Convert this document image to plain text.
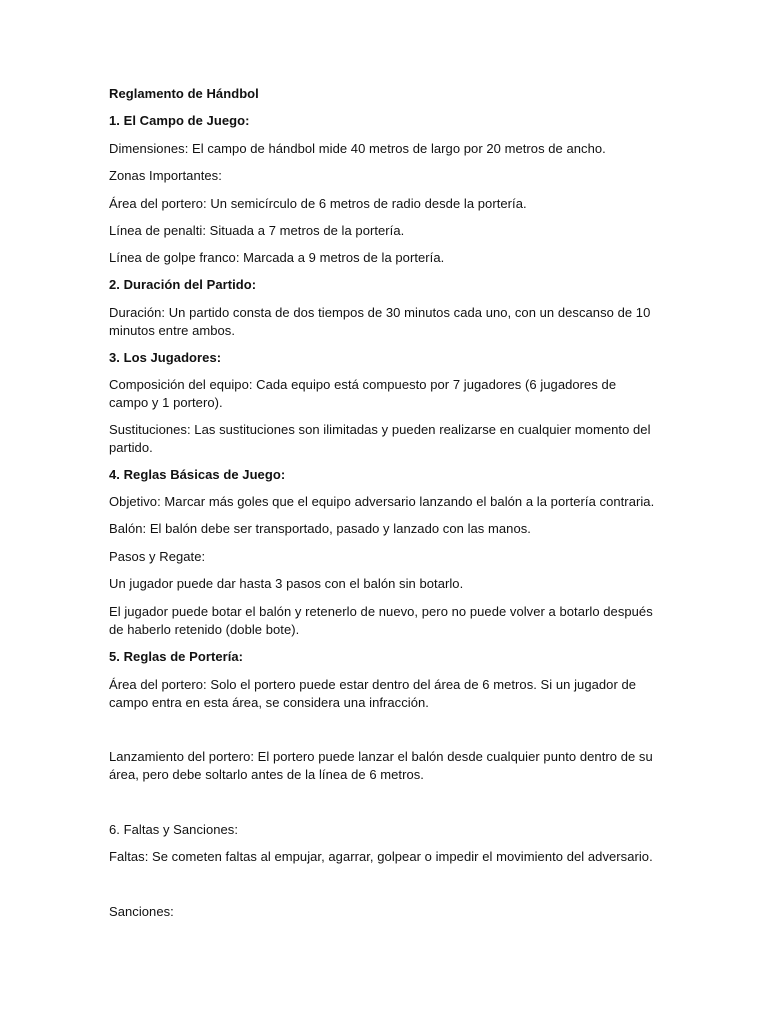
Reglamento de Hándbol
1. El Campo de Juego:
Dimensiones: El campo de hándbol mide 40 metros de largo por 20 metros de ancho.
Zonas Importantes:
Área del portero: Un semicírculo de 6 metros de radio desde la portería.
Línea de penalti: Situada a 7 metros de la portería.
Línea de golpe franco: Marcada a 9 metros de la portería.
2. Duración del Partido:
Duración: Un partido consta de dos tiempos de 30 minutos cada uno, con un descanso de 10 minutos entre ambos.
3. Los Jugadores:
Composición del equipo: Cada equipo está compuesto por 7 jugadores (6 jugadores de campo y 1 portero).
Sustituciones: Las sustituciones son ilimitadas y pueden realizarse en cualquier momento del partido.
4. Reglas Básicas de Juego:
Objetivo: Marcar más goles que el equipo adversario lanzando el balón a la portería contraria.
Balón: El balón debe ser transportado, pasado y lanzado con las manos.
Pasos y Regate:
Un jugador puede dar hasta 3 pasos con el balón sin botarlo.
El jugador puede botar el balón y retenerlo de nuevo, pero no puede volver a botarlo después de haberlo retenido (doble bote).
5. Reglas de Portería:
Área del portero: Solo el portero puede estar dentro del área de 6 metros. Si un jugador de campo entra en esta área, se considera una infracción.
Lanzamiento del portero: El portero puede lanzar el balón desde cualquier punto dentro de su área, pero debe soltarlo antes de la línea de 6 metros.
6. Faltas y Sanciones:
Faltas: Se cometen faltas al empujar, agarrar, golpear o impedir el movimiento del adversario.
Sanciones:
